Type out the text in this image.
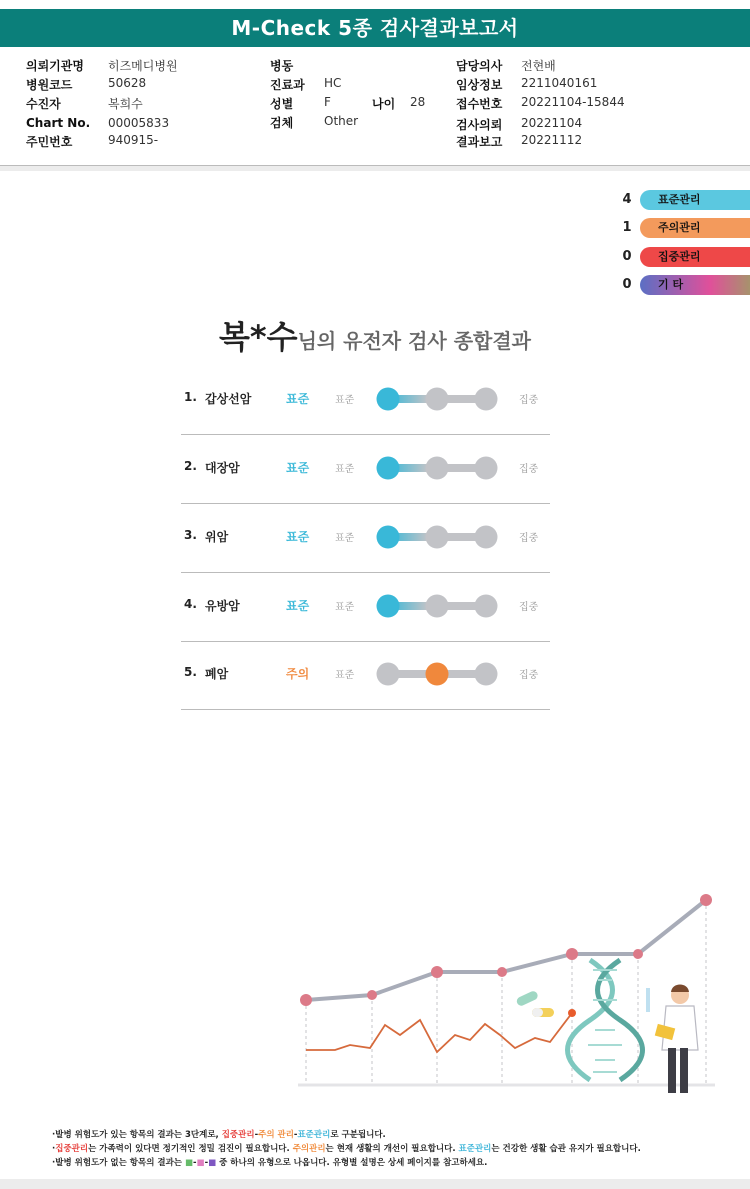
M-Check 5종 검사결과보고서
의뢰기관명 히즈메디병원
병원코드	50628
수진자	복희수
Chart No. 00005833
주민번호	940915-
병동
진료과 HC
성별	F	나이 28
검체	Other
담당의사 전현배
임상정보 2211040161
접수번호 20221104-15844
검사의뢰 20221104
결과보고 20221112
4	표준관리
1	주의관리
0	집중관리
0	기 타
복*수님의 유전자 검사 종합결과
1. 갑상선암	표준	표준	집중
2. 대장암	표준	표준	집중
3. 위암	표준	표준	집중
4. 유방암	표준	표준	집중
5. 폐암	주의	표준	집중
·발병 위험도가 있는 항목의 결과는 3단계로, 집중관리-주의 관리-표준관리로 구분됩니다.
·집중관리는 가족력이 있다면 정기적인 정밀 검진이 필요합니다. 주의관리는 현재 생활의 개선이 필요합니다. 표준관리는 건강한 생활 습관 유지가 필요합니다.
·발병 위험도가 없는 항목의 결과는 ■-■-■ 중 하나의 유형으로 나옵니다. 유형별 설명은 상세 페이지를 참고하세요.
